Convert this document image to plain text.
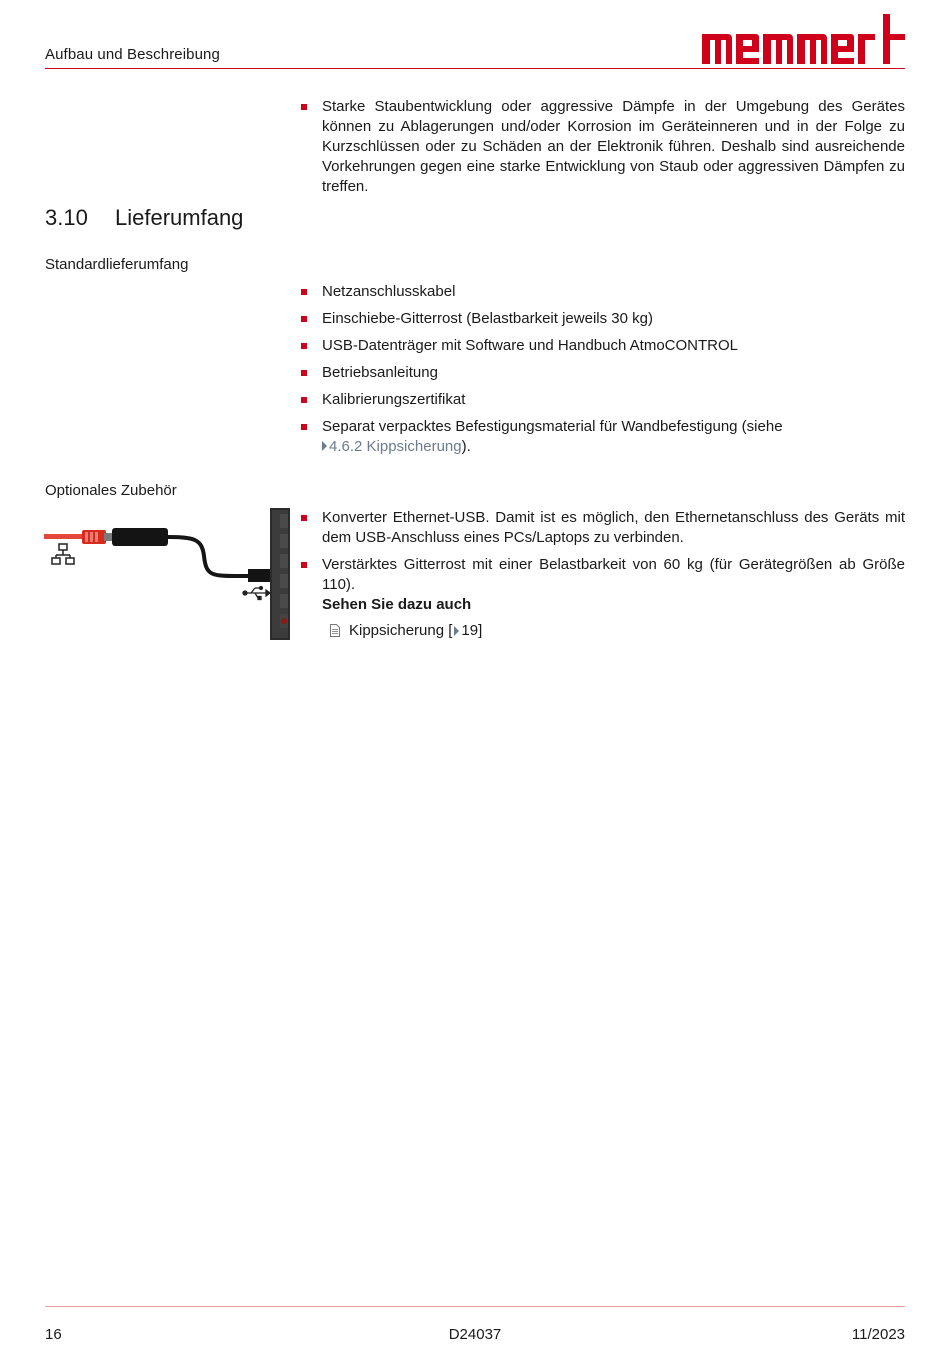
Aufbau und Beschreibung
Starke Staubentwicklung oder aggressive Dämpfe in der Umgebung des Gerätes können zu Ablagerungen und/oder Korrosion im Geräteinneren und in der Folge zu Kurzschlüssen oder zu Schäden an der Elektronik führen. Deshalb sind ausreichende Vorkehrungen gegen eine starke Entwicklung von Staub oder aggressiven Dämpfen zu treffen.
3.10 Lieferumfang
Standardlieferumfang
Netzanschlusskabel
Einschiebe-Gitterrost (Belastbarkeit jeweils 30 kg)
USB-Datenträger mit Software und Handbuch AtmoCONTROL
Betriebsanleitung
Kalibrierungszertifikat
Separat verpacktes Befestigungsmaterial für Wandbefestigung (siehe
4.6.2 Kippsicherung).
Optionales Zubehör
Konverter Ethernet-USB. Damit ist es möglich, den Ethernetanschluss des Geräts mit dem USB-Anschluss eines PCs/Laptops zu verbinden.
Verstärktes Gitterrost mit einer Belastbarkeit von 60 kg (für Gerätegrößen ab Größe 110).
Sehen Sie dazu auch
Kippsicherung [ 19 ]
16	D24037	11/2023
